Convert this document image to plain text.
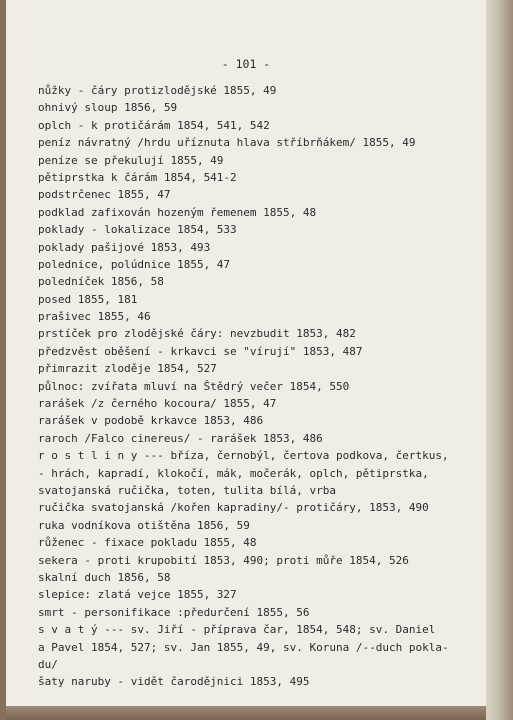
- 101 -
nůžky - čáry protizlodějské 1855, 49
ohnivý sloup 1856, 59
oplch - k protičárám 1854, 541, 542
peníz návratný /hrdu uříznuta hlava stříbrňákem/ 1855, 49
peníze se překulují 1855, 49
pětiprstka k čárám 1854, 541-2
podstrčenec 1855, 47
podklad zafixován hozeným řemenem 1855, 48
poklady - lokalizace 1854, 533
poklady pašijové 1853, 493
polednice, polúdnice 1855, 47
poledníček 1856, 58
posed 1855, 181
prašivec 1855, 46
prstíček pro zlodějské čáry: nevzbudit 1853, 482
předzvěst oběšení - krkavci se "vírují" 1853, 487
přimrazit zloděje 1854, 527
půlnoc: zvířata mluví na Štědrý večer 1854, 550
rarášek /z černého kocoura/ 1855, 47
rarášek v podobě krkavce 1853, 486
raroch /Falco cinereus/ - rarášek 1853, 486
r o s t l i n y --- bříza, černobýl, čertova podkova, čertkus,
- hrách, kapradí, klokočí, mák, močerák, oplch, pětiprstka,
svatojanská ručička, toten, tulita bílá, vrba
ručička svatojanská /kořen kapradiny/- protičáry, 1853, 490
ruka vodníkova otištěna 1856, 59
růženec - fixace pokladu 1855, 48
sekera - proti krupobití 1853, 490; proti můře 1854, 526
skalní duch 1856, 58
slepice: zlatá vejce 1855, 327
smrt - personifikace :předurčení 1855, 56
s v a t ý --- sv. Jiří - příprava čar, 1854, 548; sv. Daniel
a Pavel 1854, 527; sv. Jan 1855, 49, sv. Koruna /--duch pokla-
du/
šaty naruby - vidět čarodějnici 1853, 495
